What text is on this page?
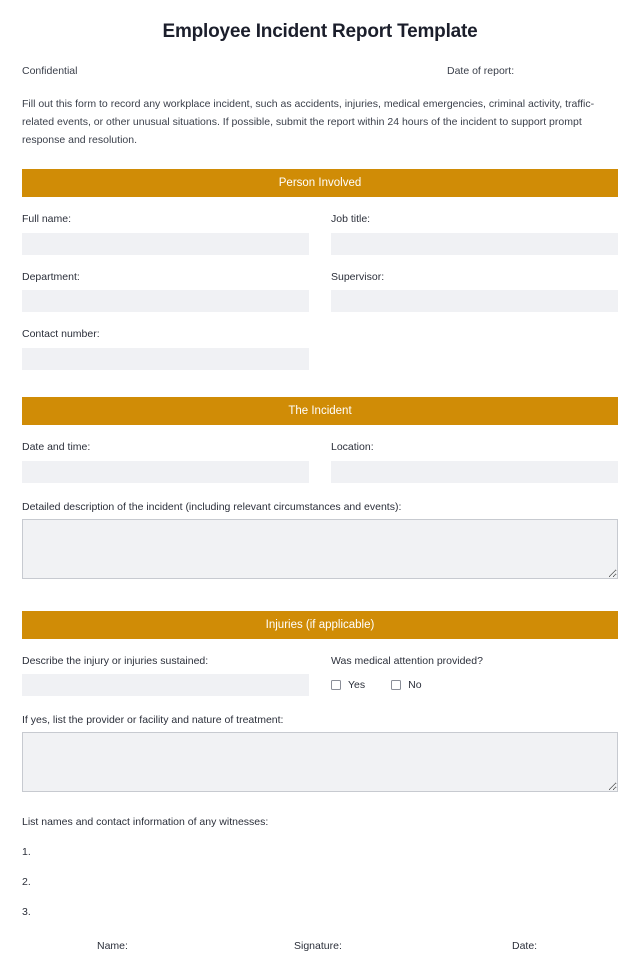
Employee Incident Report Template
Confidential	Date of report:

Fill out this form to record any workplace incident, such as accidents, injuries, medical emergencies, criminal activity, traffic-related events, or other unusual situations. If possible, submit the report within 24 hours of the incident to support prompt response and resolution.

Person Involved
Full name:	Job title:
Department:	Supervisor:
Contact number:
The Incident
Date and time:	Location:
Detailed description of the incident (including relevant circumstances and events):
Injuries (if applicable)
Describe the injury or injuries sustained:	Was medical attention provided?
Yes	No
If yes, list the provider or facility and nature of treatment:
List names and contact information of any witnesses:
1.
2.
3.
Name:	Signature:	Date:
